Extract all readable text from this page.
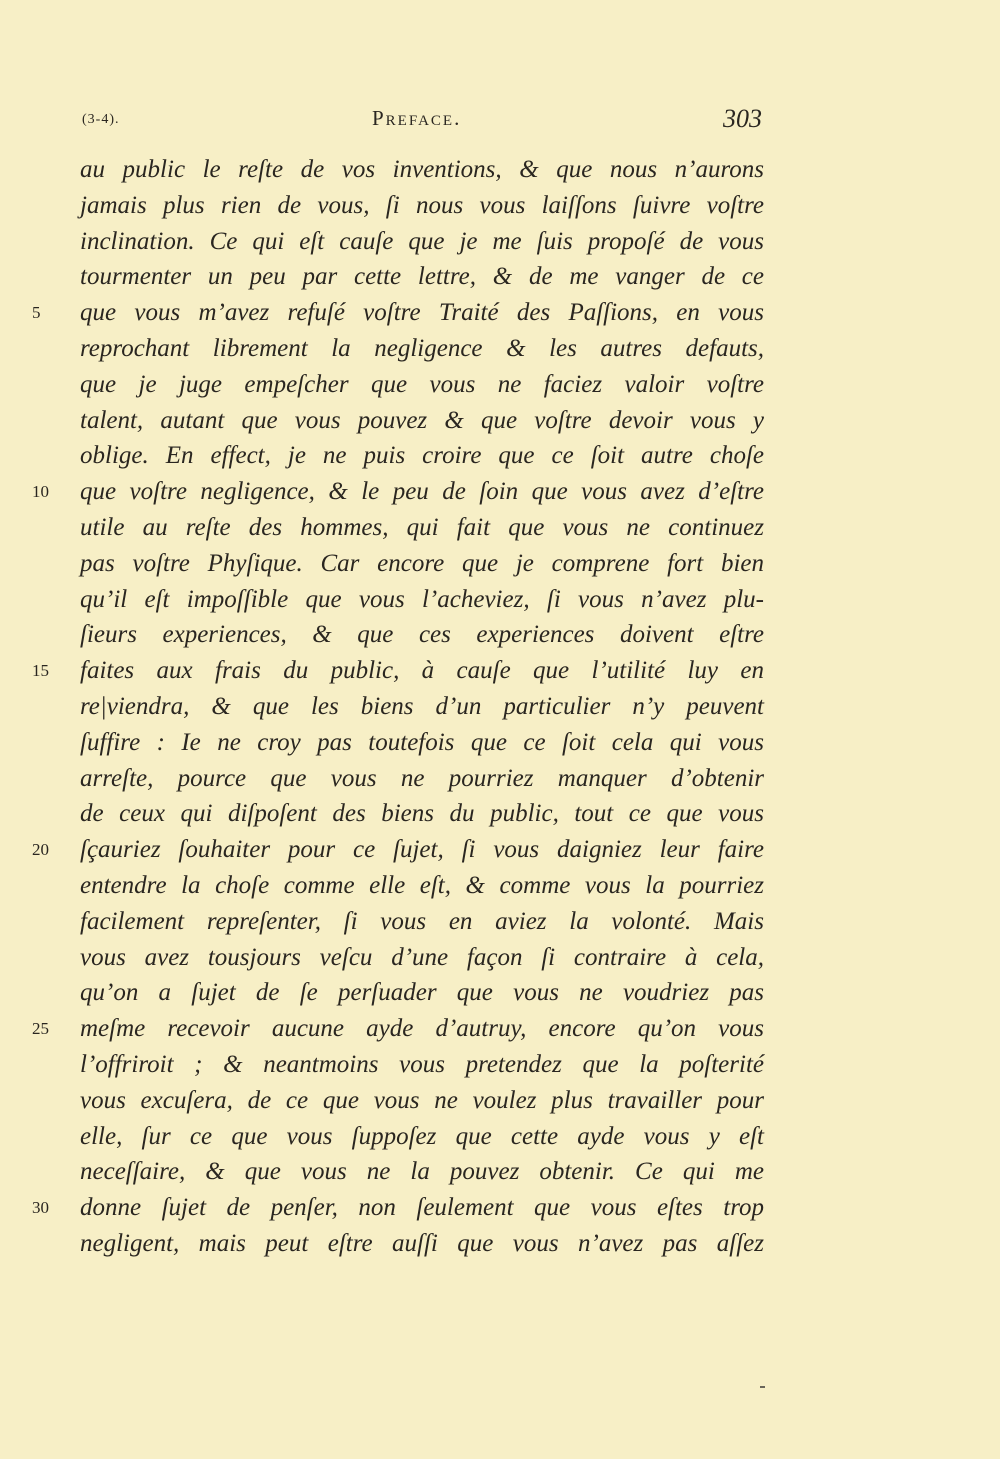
(3-4).	Preface.	303
au public le reſte de vos inventions, & que nous n’aurons
jamais plus rien de vous, ſi nous vous laiſſons ſuivre voſtre
inclination. Ce qui eſt cauſe que je me ſuis propoſé de vous
tourmenter un peu par cette lettre, & de me vanger de ce
5	que vous m’avez refuſé voſtre Traité des Paſſions, en vous
reprochant librement la negligence & les autres defauts,
que je juge empeſcher que vous ne faciez valoir voſtre
talent, autant que vous pouvez & que voſtre devoir vous y
oblige. En effect, je ne puis croire que ce ſoit autre choſe
10	que voſtre negligence, & le peu de ſoin que vous avez d’eſtre
utile au reſte des hommes, qui fait que vous ne continuez
pas voſtre Phyſique. Car encore que je comprene fort bien
qu’il eſt impoſſible que vous l’acheviez, ſi vous n’avez plu-
ſieurs experiences, & que ces experiences doivent eſtre
15	faites aux frais du public, à cauſe que l’utilité luy en
re|viendra, & que les biens d’un particulier n’y peuvent
ſuffire : Ie ne croy pas toutefois que ce ſoit cela qui vous
arreſte, pource que vous ne pourriez manquer d’obtenir
de ceux qui diſpoſent des biens du public, tout ce que vous
20	ſçauriez ſouhaiter pour ce ſujet, ſi vous daigniez leur faire
entendre la choſe comme elle eſt, & comme vous la pourriez
facilement repreſenter, ſi vous en aviez la volonté. Mais
vous avez tousjours veſcu d’une façon ſi contraire à cela,
qu’on a ſujet de ſe perſuader que vous ne voudriez pas
25	meſme recevoir aucune ayde d’autruy, encore qu’on vous
l’offriroit ; & neantmoins vous pretendez que la poſterité
vous excuſera, de ce que vous ne voulez plus travailler pour
elle, ſur ce que vous ſuppoſez que cette ayde vous y eſt
neceſſaire, & que vous ne la pouvez obtenir. Ce qui me
30	donne ſujet de penſer, non ſeulement que vous eſtes trop
negligent, mais peut eſtre auſſi que vous n’avez pas aſſez
